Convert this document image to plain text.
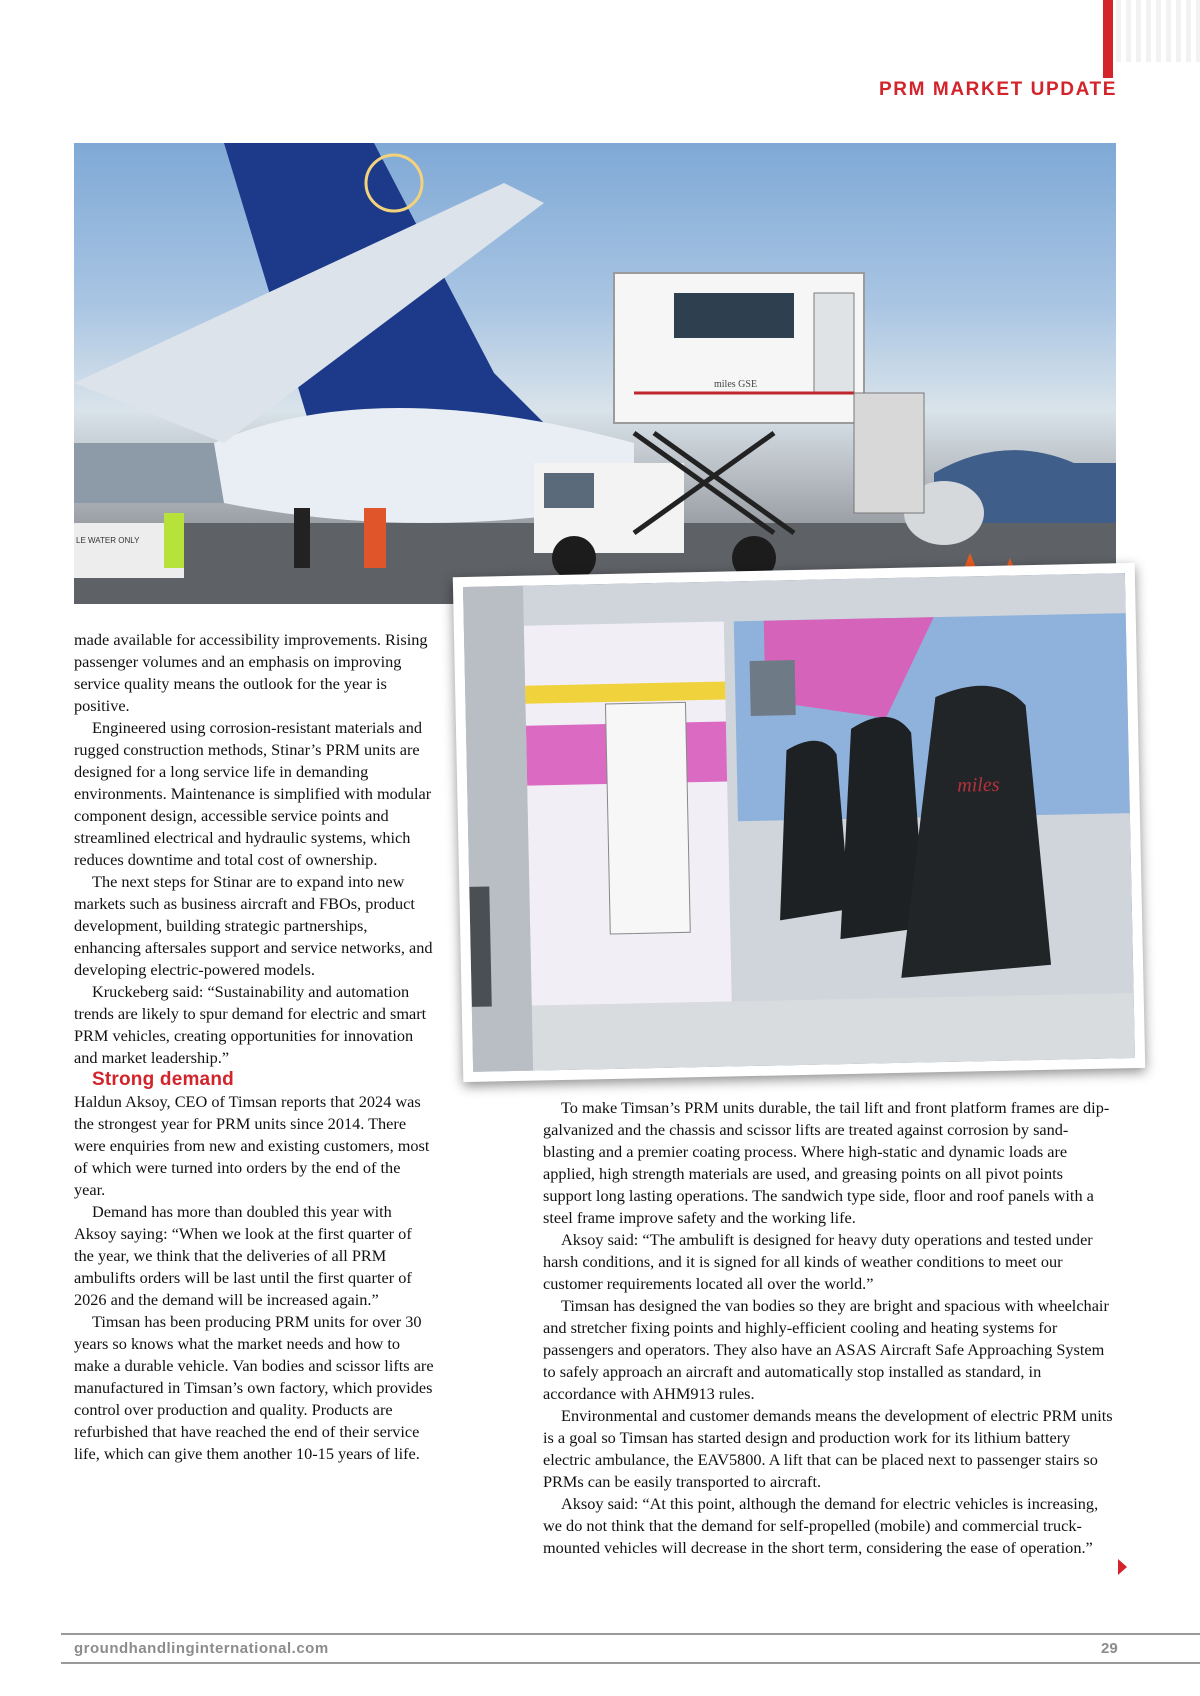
PRM MARKET UPDATE
miles GSE
LE WATER ONLY
miles

made available for accessibility improvements. Rising passenger volumes and an emphasis on improving service quality means the outlook for the year is positive.

Engineered using corrosion-resistant materials and rugged construction methods, Stinar’s PRM units are designed for a long service life in demanding environments. Maintenance is simplified with modular component design, accessible service points and streamlined electrical and hydraulic systems, which reduces downtime and total cost of ownership.

The next steps for Stinar are to expand into new markets such as business aircraft and FBOs, product development, building strategic partnerships, enhancing aftersales support and service networks, and developing electric-powered models.

Kruckeberg said: “Sustainability and automation trends are likely to spur demand for electric and smart PRM vehicles, creating opportunities for innovation and market leadership.”

Strong demand

Haldun Aksoy, CEO of Timsan reports that 2024 was the strongest year for PRM units since 2014. There were enquiries from new and existing customers, most of which were turned into orders by the end of the year.

Demand has more than doubled this year with Aksoy saying: “When we look at the first quarter of the year, we think that the deliveries of all PRM ambulifts orders will be last until the first quarter of 2026 and the demand will be increased again.”

Timsan has been producing PRM units for over 30 years so knows what the market needs and how to make a durable vehicle. Van bodies and scissor lifts are manufactured in Timsan’s own factory, which provides control over production and quality. Products are refurbished that have reached the end of their service life, which can give them another 10-15 years of life.

To make Timsan’s PRM units durable, the tail lift and front platform frames are dip-galvanized and the chassis and scissor lifts are treated against corrosion by sand-blasting and a premier coating process. Where high-static and dynamic loads are applied, high strength materials are used, and greasing points on all pivot points support long lasting operations. The sandwich type side, floor and roof panels with a steel frame improve safety and the working life.

Aksoy said: “The ambulift is designed for heavy duty operations and tested under harsh conditions, and it is signed for all kinds of weather conditions to meet our customer requirements located all over the world.”

Timsan has designed the van bodies so they are bright and spacious with wheelchair and stretcher fixing points and highly-efficient cooling and heating systems for passengers and operators. They also have an ASAS Aircraft Safe Approaching System to safely approach an aircraft and automatically stop installed as standard, in accordance with AHM913 rules.

Environmental and customer demands means the development of electric PRM units is a goal so Timsan has started design and production work for its lithium battery electric ambulance, the EAV5800. A lift that can be placed next to passenger stairs so PRMs can be easily transported to aircraft.

Aksoy said: “At this point, although the demand for electric vehicles is increasing, we do not think that the demand for self-propelled (mobile) and commercial truck-mounted vehicles will decrease in the short term, considering the ease of operation.”

groundhandlinginternational.com	29
